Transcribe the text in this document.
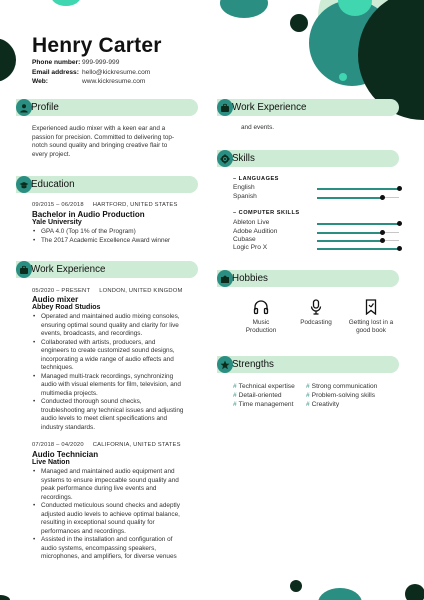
Henry Carter
Phone number: 999-999-999
Email address: hello@kickresume.com
Web:	www.kickresume.com
Profile
Experienced audio mixer with a keen ear and a
passion for precision. Committed to delivering top-
notch sound quality and bringing creative flair to
every project.
Education
09/2015 – 06/2018 HARTFORD, UNITED STATES
Bachelor in Audio Production
Yale University
• GPA 4.0 (Top 1% of the Program)
• The 2017 Academic Excellence Award winner
Work Experience
05/2020 – PRESENT LONDON, UNITED KINGDOM
Audio mixer
Abbey Road Studios
• Operated and maintained audio mixing consoles,
ensuring optimal sound quality and clarity for live
events, broadcasts, and recordings.
• Collaborated with artists, producers, and
engineers to create customized sound designs,
incorporating a wide range of audio effects and
techniques.
• Managed multi-track recordings, synchronizing
audio with visual elements for film, television, and
multimedia projects.
• Conducted thorough sound checks,
troubleshooting any technical issues and adjusting
audio levels to meet client specifications and
industry standards.
07/2018 – 04/2020 CALIFORNIA, UNITED STATES
Audio Technician
Live Nation
• Managed and maintained audio equipment and
systems to ensure impeccable sound quality and
peak performance during live events and
recordings.
• Conducted meticulous sound checks and adeptly
adjusted audio levels to achieve optimal balance,
resulting in exceptional sound quality for
performances and recordings.
• Assisted in the installation and configuration of
audio systems, encompassing speakers,
microphones, and amplifiers, for diverse venues
Work Experience
and events.
Skills
– LANGUAGES
English
Spanish
– COMPUTER SKILLS
Ableton Live
Adobe Audition
Cubase
Logic Pro X
Hobbies
Music
Production
Podcasting	Getting lost in a
good book
Strengths
# Technical expertise	# Strong communication
# Detail-oriented	# Problem-solving skills
# Time management	# Creativity
